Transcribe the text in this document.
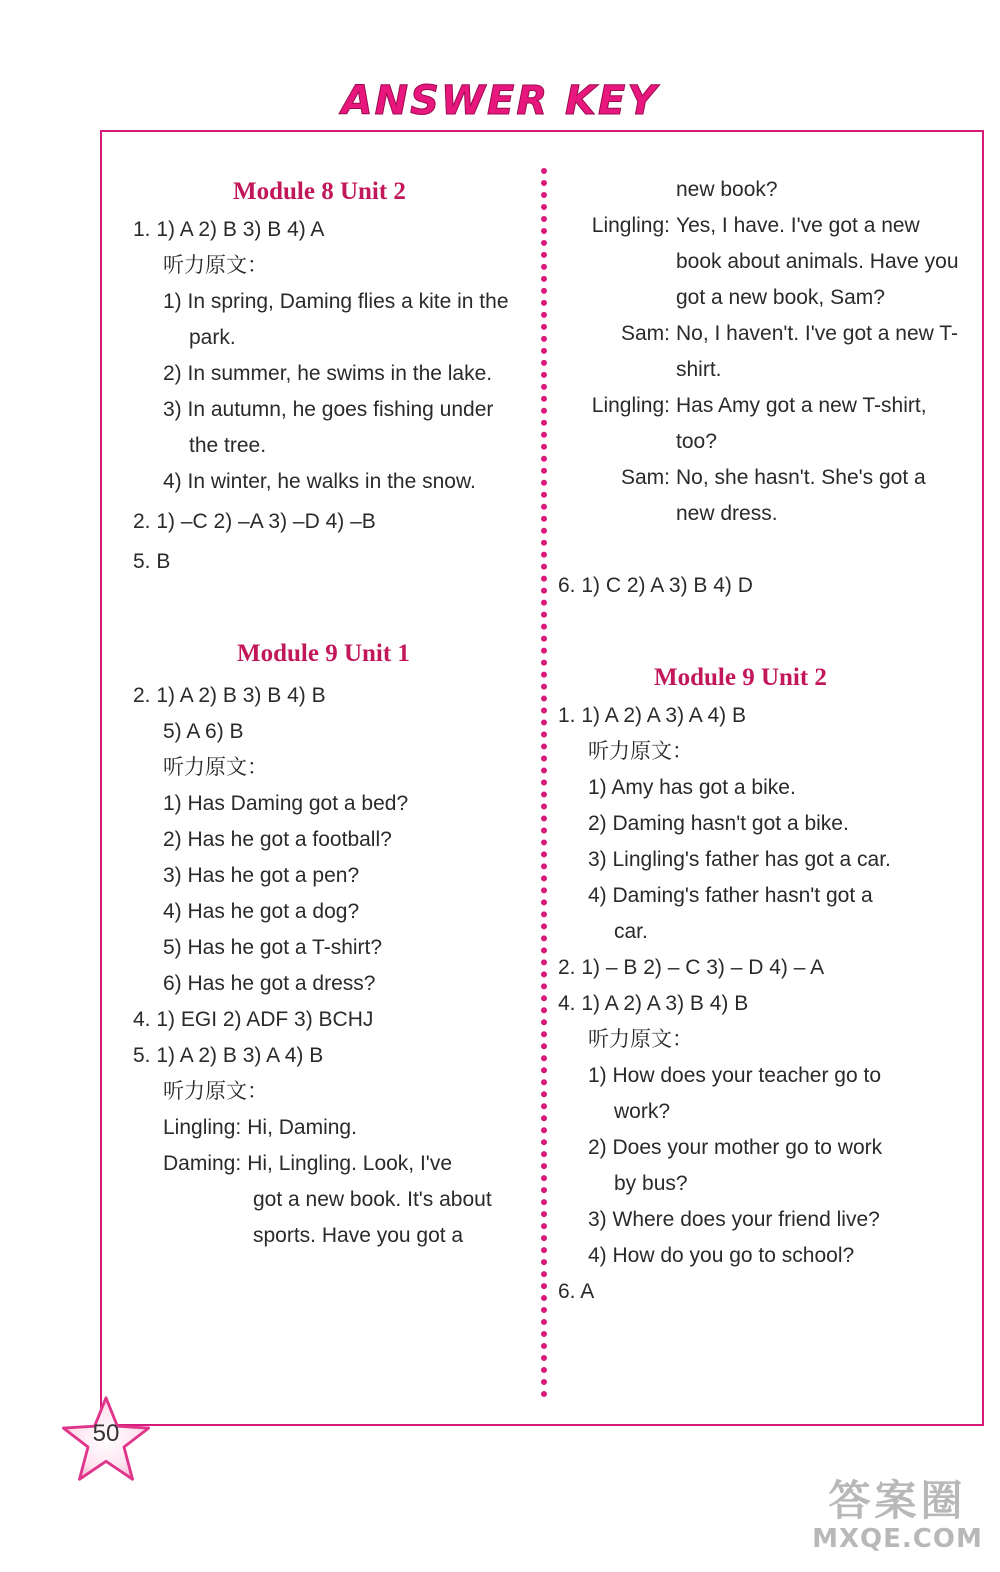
ANSWER KEY
Module 8 Unit 2
1. 1) A 2) B 3) B 4) A
听力原文：
1) In spring, Daming flies a kite in the
park.
2) In summer, he swims in the lake.
3) In autumn, he goes fishing under
the tree.
4) In winter, he walks in the snow.
2. 1) –C 2) –A 3) –D 4) –B
5. B
Module 9 Unit 1
2. 1) A 2) B 3) B 4) B
5) A 6) B
听力原文：
1) Has Daming got a bed?
2) Has he got a football?
3) Has he got a pen?
4) Has he got a dog?
5) Has he got a T-shirt?
6) Has he got a dress?
4. 1) EGI 2) ADF 3) BCHJ
5. 1) A 2) B 3) A 4) B
听力原文：
Lingling: Hi, Daming.
Daming: Hi, Lingling. Look, I've
got a new book. It's about
sports. Have you got a
new book?
Lingling: Yes, I have. I've got a new book about animals. Have you got a new book, Sam?
Sam: No, I haven't. I've got a new T-shirt.
Lingling: Has Amy got a new T-shirt, too?
Sam: No, she hasn't. She's got a new dress.
6. 1) C 2) A 3) B 4) D
Module 9 Unit 2
1. 1) A 2) A 3) A 4) B
听力原文：
1) Amy has got a bike.
2) Daming hasn't got a bike.
3) Lingling's father has got a car.
4) Daming's father hasn't got a
car.
2. 1) – B 2) – C 3) – D 4) – A
4. 1) A 2) A 3) B 4) B
听力原文：
1) How does your teacher go to
work?
2) Does your mother go to work
by bus?
3) Where does your friend live?
4) How do you go to school?
6. A
50
答案圈
MXQE.COM
